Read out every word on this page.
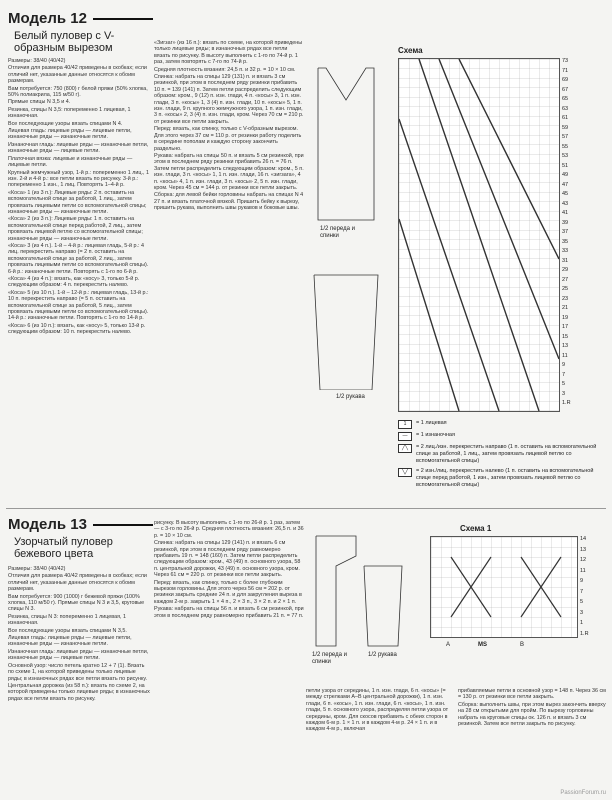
Модель 12
Белый пуловер с V-образным вырезом

Размеры: 38/40 (40/42)

Отличия для размера 40/42 приведены в скобках; если отличий нет, указанные данные относятся к обоим размерам.

Вам потребуется: 750 (800) г белой пряжи (50% хлопка, 50% полиакрила, 115 м/50 г).

Прямые спицы N 3,5 и 4.

Резинка, спицы N 3,5: попеременно 1 лицевая, 1 изнаночная.

Все последующие узоры вязать спицами N 4.

Лицевая гладь: лицевые ряды — лицевые петли, изнаночные ряды — изнаночные петли.

Изнаночная гладь: лицевые ряды — изнаночные петли, изнаночные ряды — лицевые петли.

Платочная вязка: лицевые и изнаночные ряды — лицевые петли.

Крупный жемчужный узор, 1-й р.: попеременно 1 лиц., 1 изн. 2-й и 4-й р.: все петли вязать по рисунку. 3-й р.: попеременно 1 изн., 1 лиц. Повторять 1–4-й р.

«Коса» 1 (из 3 п.): Лицевые ряды: 2 п. оставить на вспомогательной спице за работой, 1 лиц., затем провязать лицевыми петли со вспомогательной спицы; изнаночные ряды — изнаночные петли.

«Коса» 2 (из 3 п.): Лицевые ряды: 1 п. оставить на вспомогательной спице перед работой, 2 лиц., затем провязать лицевой петлю со вспомогательной спицы; изнаночные ряды — изнаночные петли.

«Коса» 3 (из 4 п.). 1-й – 4-й р.: лицевая гладь, 5-й р.: 4 лиц. перекрестить направо (= 2 п. оставить на вспомогательной спице за работой, 2 лиц., затем провязать лицевыми петли со вспомогательной спицы). 6-й р.: изнаночные петли. Повторять с 1-го по 6-й р.

«Коса» 4 (из 4 п.): вязать, как «косу» 3, только 5-й р. следующим образом: 4 п. перекрестить налево.

«Коса» 5 (из 10 п.). 1-й – 12-й р.: лицевая гладь, 13-й р.: 10 п. перекрестить направо (= 5 п. оставить на вспомогательной спице за работой, 5 лиц., затем провязать лицевыми петли со вспомогательной спицы). 14-й р.: изнаночные петли. Повторять с 1-го по 14-й р.

«Коса» 6 (из 10 п.): вязать, как «косу» 5, только 13-й р. следующим образом: 10 п. перекрестить налево.

«Зигзаг» (из 16 п.): вязать по схеме, на которой приведены только лицевые ряды; в изнаночных рядах все петли вязать по рисунку. В высоту выполнить с 1-го по 74-й р. 1 раз, затем повторять с 7-го по 74-й р.

Средняя плотность вязания: 24,5 п. и 32 р. = 10 × 10 см.

Спинка: набрать на спицы 129 (131) п. и вязать 3 см резинкой, при этом в последнем ряду резинки прибавить 10 п. = 139 (141) п. Затем петли распределить следующим образом: кром., 9 (12) п. изн. глади, 4 п. «косы» 3, 1 п. изн. глади, 3 п. «косы» 1, 3 (4) п. изн. глади, 10 п. «косы» 5, 1 п. изн. глади, 9 п. крупного жемчужного узора, 1 п. изн. глади, 3 п. «косы» 2, 3 (4) п. изн. глади, кром. Через 70 см = 210 р. от резинки все петли закрыть.

Перед: вязать, как спинку, только с V-образным вырезом. Для этого через 37 см = 110 р. от резинки работу поделить в середине пополам и каждую сторону закончить раздельно.

Рукава: набрать на спицы 50 п. и вязать 5 см резинкой, при этом в последнем ряду резинки прибавить 26 п. = 76 п. Затем петли распределить следующим образом: кром., 5 п. изн. глади, 3 п. «косы» 1, 1 п. изн. глади, 16 п. «зигзага», 4 п. «косы» 4, 1 п. изн. глади, 3 п. «косы» 2, 5 п. изн. глади, кром. Через 45 см = 144 р. от резинки все петли закрыть.

Сборка: для левой бейки горловины набрать на спицах N 4 27 п. и вязать платочной вязкой. Пришить бейку к вырезу, пришить рукава, выполнить швы рукавов и боковые швы.

1/2 переда и спинки
1/2 рукава
Схема
73
71
69
67
65
63
61
59
57
55
53
51
49
47
45
43
41
39
37
35
33
31
29
27
25
23
21
19
17
15
13
11
9
7
5
3
1.R
1	= 1 лицевая
—	= 1 изнаночная
╱╲	= 2 лиц./изн. перекрестить направо (1 п. оставить на вспомогательной спице за работой, 1 лиц., затем провязать лицевой петлю со вспомогательной спицы)
╲╱	= 2 изн./лиц. перекрестить налево (1 п. оставить на вспомогательной спице перед работой, 1 изн., затем провязать лицевой петлю со вспомогательной спицы)
Модель 13
Узорчатый пуловер бежевого цвета

Размеры: 38/40 (40/42)

Отличия для размера 40/42 приведены в скобках; если отличий нет, указанные данные относятся к обоим размерам.

Вам потребуется: 900 (1000) г бежевой пряжи (100% хлопка, 110 м/50 г). Прямые спицы N 3 и 3,5, круговые спицы N 3.

Резинка, спицы N 3: попеременно 1 лицевая, 1 изнаночная.

Все последующие узоры вязать спицами N 3,5.

Лицевая гладь: лицевые ряды — лицевые петли, изнаночные ряды — изнаночные петли.

Изнаночная гладь: лицевые ряды — изнаночные петли, изнаночные ряды — лицевые петли.

Основной узор: число петель кратно 12 + 7 (1). Вязать по схеме 1, на которой приведены только лицевые ряды; в изнаночных рядах все петли вязать по рисунку.

Центральная дорожка (из 58 п.): вязать по схеме 2, на которой приведены только лицевые ряды; в изнаночных рядах все петли вязать по рисунку.

рисунку. В высоту выполнить с 1-го по 26-й р. 1 раз, затем — с 3-го по 26-й р. Средняя плотность вязания: 26,5 п. и 36 р. = 10 × 10 см.

Спинка: набрать на спицы 129 (141) п. и вязать 6 см резинкой, при этом в последнем ряду равномерно прибавить 19 п. = 148 (160) п. Затем петли распределить следующим образом: кром., 43 (49) п. основного узора, 58 п. центральной дорожки, 43 (49) п. основного узора, кром. Через 61 см = 220 р. от резинки все петли закрыть.

Перед: вязать, как спинку, только с более глубоким вырезом горловины. Для этого через 56 см = 202 р. от резинки закрыть средние 24 п. и для закругления выреза в каждом 2-м р. закрыть 1 × 4 п., 2 × 3 п., 3 × 2 п. и 2 × 1 п.

Рукава: набрать на спицы 56 п. и вязать 6 см резинкой, при этом в последнем ряду равномерно прибавить 21 п. = 77 п.

1/2 переда и спинки
1/2 рукава
Схема 1
14
13
12
11
9
7
5
3
1
1.R
MS
A	B

петли узора от середины, 1 п. изн. глади, 6 п. «косы» (= между стрелками A–B центральной дорожки), 1 п. изн. глади, 6 п. «косы», 1 п. изн. глади, 6 п. «косы», 1 п. изн. глади, 5 п. основного узора, распределяя петли узора от середины, кром. Для скосов прибавить с обеих сторон в каждом 6-м р. 1 × 1 п. и в каждом 4-м р. 24 × 1 п. и в каждом 4-м р., включая

прибавляемые петли в основной узор = 148 п. Через 36 см = 130 р. от резинки все петли закрыть.

Сборка: выполнить швы, при этом вырез закончить вверху на 28 см открытыми для пройм. По вырезу горловины набрать на круговые спицы ок. 126 п. и вязать 3 см резинкой. Затем все петли закрыть по рисунку.

PassionForum.ru
